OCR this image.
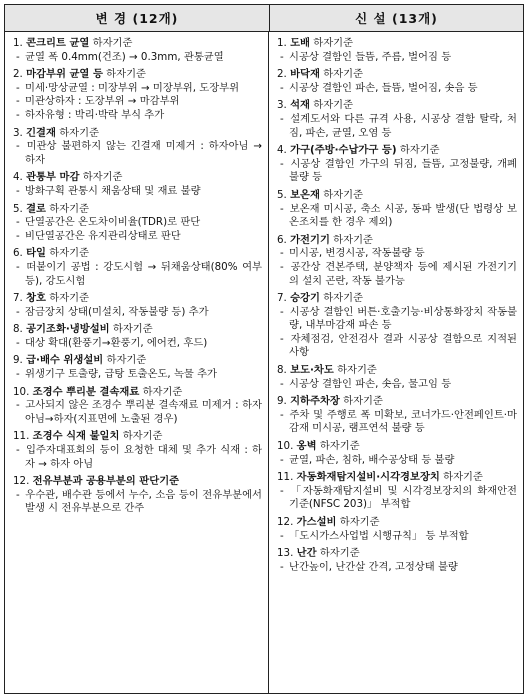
변 경 (12개)	신 설 (13개)
1. 콘크리트 균열 하자기준
- 균열 폭 0.4mm(건조) → 0.3mm, 관통균열
2. 마감부위 균열 등 하자기준
- 미세·망상균열 : 미장부위 → 미장부위, 도장부위
- 미관상하자 : 도장부위 → 마감부위
- 하자유형 : 박리·박락 부식 추가
3. 긴결재 하자기준
- 미관상 불편하지 않는 긴결재 미제거 : 하자아님 → 하자
4. 관통부 마감 하자기준
- 방화구획 관통시 채움상태 및 재료 불량
5. 결로 하자기준
- 단열공간은 온도차이비율(TDR)로 판단
- 비단열공간은 유지관리상태로 판단
6. 타일 하자기준
- 떠붙이기 공법 : 강도시험 → 뒤채움상태(80% 여부 등), 강도시험
7. 창호 하자기준
- 잠금장치 상태(미설치, 작동불량 등) 추가
8. 공기조화·냉방설비 하자기준
- 대상 확대(환풍기→환풍기, 에어컨, 후드)
9. 급·배수 위생설비 하자기준
- 위생기구 토출량, 급탕 토출온도, 녹물 추가
10. 조경수 뿌리분 결속재료 하자기준
- 고사되지 않은 조경수 뿌리분 결속재료 미제거 : 하자아님→하자(지표면에 노출된 경우)
11. 조경수 식재 불일치 하자기준
- 입주자대표회의 등이 요청한 대체 및 추가 식재 : 하자 → 하자 아님
12. 전유부분과 공용부분의 판단기준
- 우수관, 배수관 등에서 누수, 소음 등이 전유부분에서 발생 시 전유부분으로 간주
1. 도배 하자기준
- 시공상 결함인 들뜸, 주름, 벌어짐 등
2. 바닥재 하자기준
- 시공상 결함인 파손, 들뜸, 벌어짐, 솟음 등
3. 석재 하자기준
- 설계도서와 다른 규격 사용, 시공상 결함 탈락, 처짐, 파손, 균열, 오염 등
4. 가구(주방·수납가구 등) 하자기준
- 시공상 결함인 가구의 뒤짐, 들뜸, 고정불량, 개폐불량 등
5. 보온재 하자기준
- 보온재 미시공, 축소 시공, 동파 발생(단 법령상 보온조치를 한 경우 제외)
6. 가전기기 하자기준
- 미시공, 변경시공, 작동불량 등
- 공간상 견본주택, 분양책자 등에 제시된 가전기기의 설치 곤란, 작동 불가능
7. 승강기 하자기준
- 시공상 결함인 버튼·호출기능·비상통화장치 작동불량, 내부마감재 파손 등
- 자체점검, 안전검사 결과 시공상 결함으로 지적된 사항
8. 보도·차도 하자기준
- 시공상 결함인 파손, 솟음, 물고임 등
9. 지하주차장 하자기준
- 주차 및 주행로 폭 미확보, 코너가드·안전페인트·마감재 미시공, 램프연석 불량 등
10. 옹벽 하자기준
- 균열, 파손, 침하, 배수공상태 등 불량
11. 자동화재탐지설비·시각경보장치 하자기준
- 「자동화재탐지설비 및 시각경보장치의 화재안전기준(NFSC 203)」 부적합
12. 가스설비 하자기준
- 「도시가스사업법 시행규칙」 등 부적합
13. 난간 하자기준
- 난간높이, 난간살 간격, 고정상태 불량
